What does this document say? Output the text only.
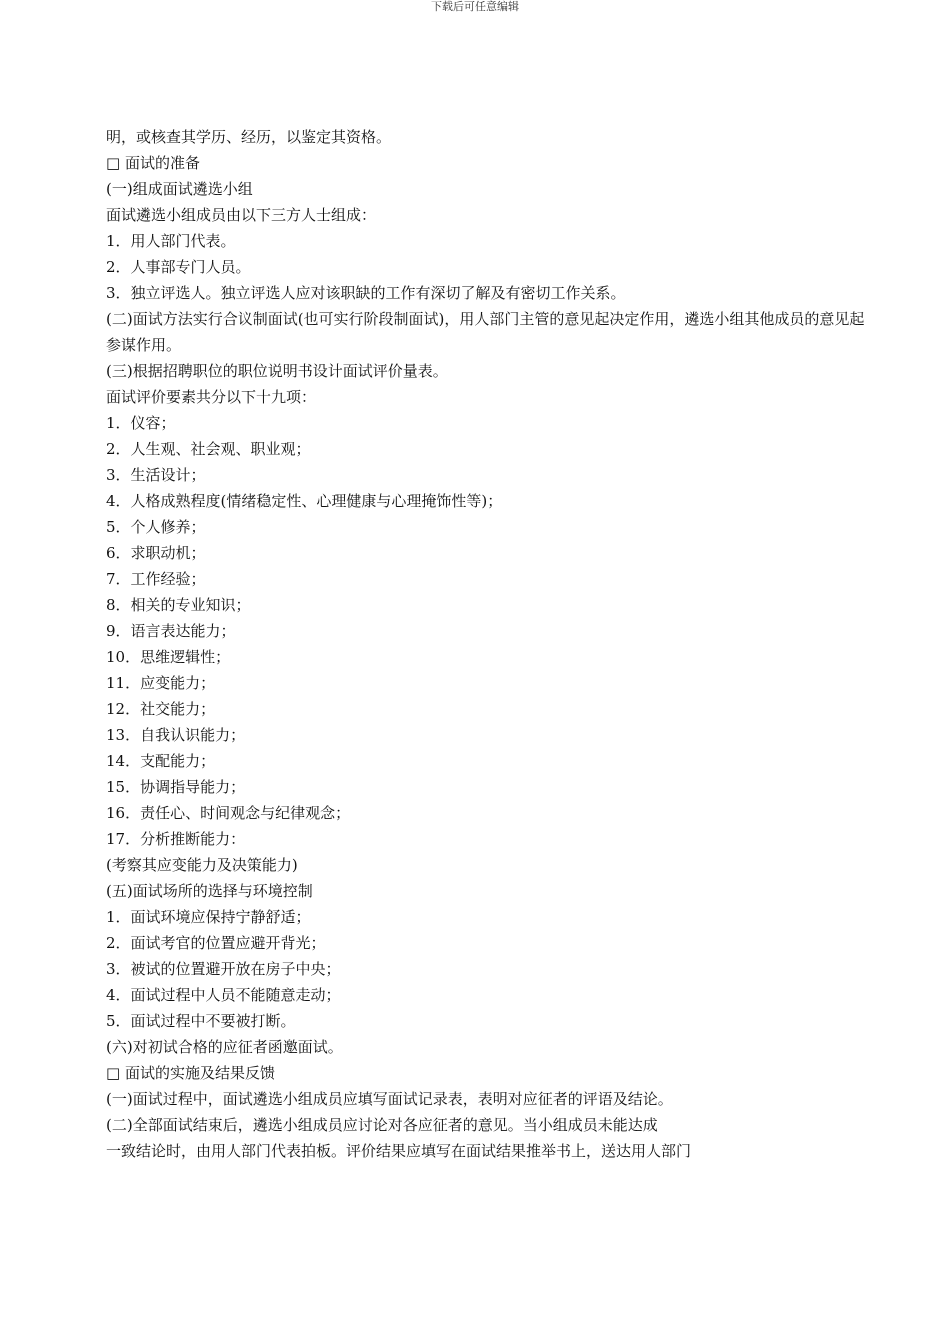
下载后可任意编辑

明，或核查其学历、经历，以鉴定其资格。

□ 面试的准备

(一)组成面试遴选小组

面试遴选小组成员由以下三方人士组成：

1．用人部门代表。

2．人事部专门人员。

3．独立评选人。独立评选人应对该职缺的工作有深切了解及有密切工作关系。

(二)面试方法实行合议制面试(也可实行阶段制面试)，用人部门主管的意见起决定作用，遴选小组其他成员的意见起参谋作用。

(三)根据招聘职位的职位说明书设计面试评价量表。

面试评价要素共分以下十九项：

1．仪容；

2．人生观、社会观、职业观；

3．生活设计；

4．人格成熟程度(情绪稳定性、心理健康与心理掩饰性等)；

5．个人修养；

6．求职动机；

7．工作经验；

8．相关的专业知识；

9．语言表达能力；

10．思维逻辑性；

11．应变能力；

12．社交能力；

13．自我认识能力；

14．支配能力；

15．协调指导能力；

16．责任心、时间观念与纪律观念；

17．分析推断能力：

(考察其应变能力及决策能力)

(五)面试场所的选择与环境控制

1．面试环境应保持宁静舒适；

2．面试考官的位置应避开背光；

3．被试的位置避开放在房子中央；

4．面试过程中人员不能随意走动；

5．面试过程中不要被打断。

(六)对初试合格的应征者函邀面试。

□ 面试的实施及结果反馈

(一)面试过程中，面试遴选小组成员应填写面试记录表，表明对应征者的评语及结论。

(二)全部面试结束后，遴选小组成员应讨论对各应征者的意见。当小组成员未能达成

一致结论时，由用人部门代表拍板。评价结果应填写在面试结果推举书上，送达用人部门
